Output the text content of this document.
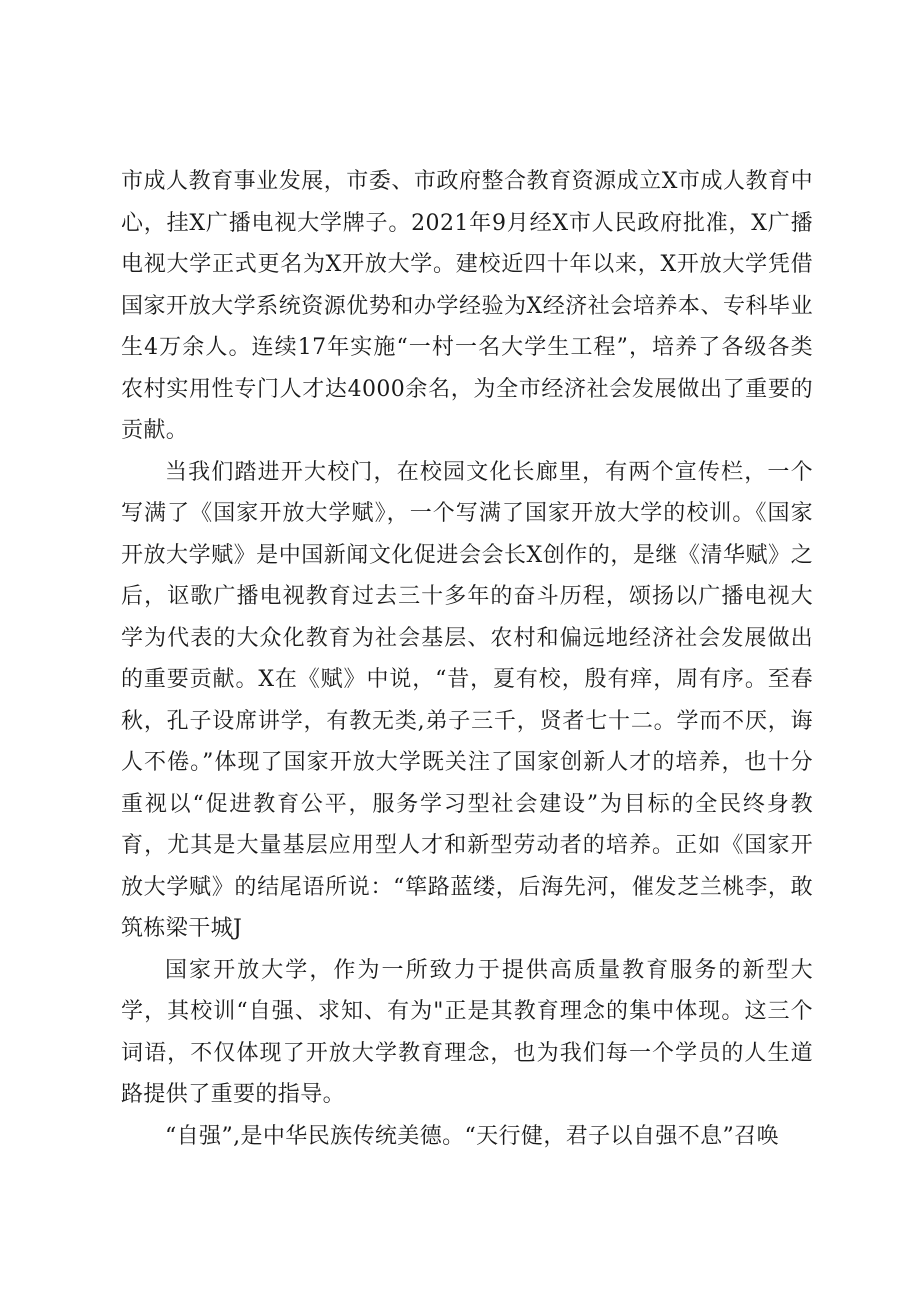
市成人教育事业发展，市委、市政府整合教育资源成立X市成人教育中心，挂X广播电视大学牌子。2021年9月经X市人民政府批准，X广播电视大学正式更名为X开放大学。建校近四十年以来，X开放大学凭借国家开放大学系统资源优势和办学经验为X经济社会培养本、专科毕业生4万余人。连续17年实施“一村一名大学生工程”，培养了各级各类农村实用性专门人才达4000余名，为全市经济社会发展做出了重要的贡献。

当我们踏进开大校门，在校园文化长廊里，有两个宣传栏，一个写满了《国家开放大学赋》，一个写满了国家开放大学的校训。《国家开放大学赋》是中国新闻文化促进会会长X创作的，是继《清华赋》之后，讴歌广播电视教育过去三十多年的奋斗历程，颂扬以广播电视大学为代表的大众化教育为社会基层、农村和偏远地经济社会发展做出的重要贡献。X在《赋》中说，“昔，夏有校，殷有痒，周有序。至春秋，孔子设席讲学，有教无类,弟子三千，贤者七十二。学而不厌，诲人不倦。”体现了国家开放大学既关注了国家创新人才的培养，也十分重视以“促进教育公平，服务学习型社会建设”为目标的全民终身教育，尤其是大量基层应用型人才和新型劳动者的培养。正如《国家开放大学赋》的结尾语所说：“筚路蓝缕，后海先河，催发芝兰桃李，敢筑栋梁干城J

国家开放大学，作为一所致力于提供高质量教育服务的新型大学，其校训“自强、求知、有为"正是其教育理念的集中体现。这三个词语，不仅体现了开放大学教育理念，也为我们每一个学员的人生道路提供了重要的指导。

“自强”,是中华民族传统美德。“天行健，君子以自强不息”召唤
